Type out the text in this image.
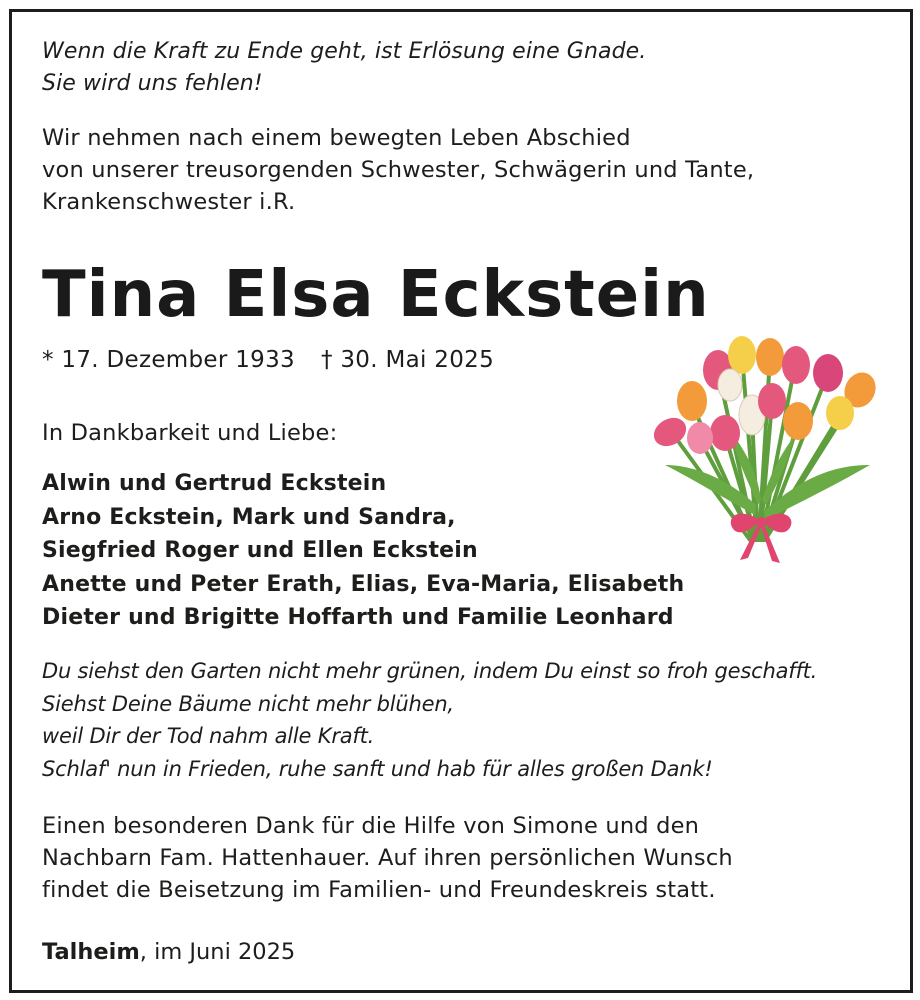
Wenn die Kraft zu Ende geht, ist Erlösung eine Gnade.
Sie wird uns fehlen!

Wir nehmen nach einem bewegten Leben Abschied
von unserer treusorgenden Schwester, Schwägerin und Tante,
Krankenschwester i.R.

Tina Elsa Eckstein

* 17. Dezember 1933 † 30. Mai 2025

In Dankbarkeit und Liebe:

Alwin und Gertrud Eckstein
Arno Eckstein, Mark und Sandra,
Siegfried Roger und Ellen Eckstein
Anette und Peter Erath, Elias, Eva-Maria, Elisabeth
Dieter und Brigitte Hoffarth und Familie Leonhard

Du siehst den Garten nicht mehr grünen, indem Du einst so froh geschafft.
Siehst Deine Bäume nicht mehr blühen,
weil Dir der Tod nahm alle Kraft.
Schlaf' nun in Frieden, ruhe sanft und hab für alles großen Dank!

Einen besonderen Dank für die Hilfe von Simone und den
Nachbarn Fam. Hattenhauer. Auf ihren persönlichen Wunsch
findet die Beisetzung im Familien- und Freundeskreis statt.

Talheim, im Juni 2025
